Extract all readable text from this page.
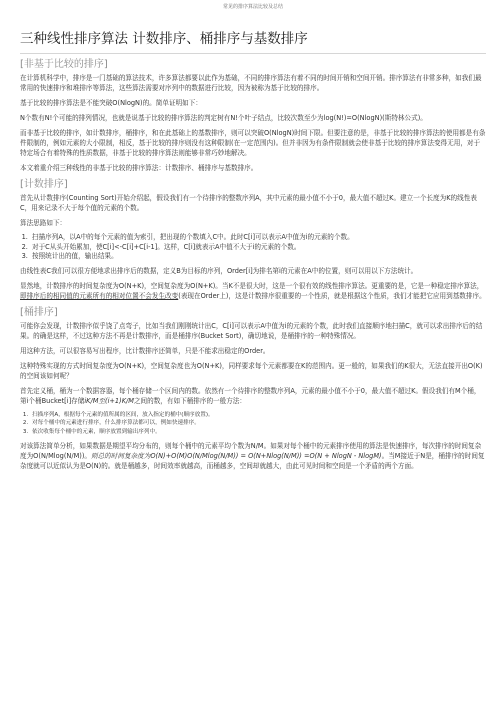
常见的排序算法比较及总结
三种线性排序算法 计数排序、桶排序与基数排序
[非基于比较的排序]

在计算机科学中，排序是一门基础的算法技术，许多算法都要以此作为基础，不同的排序算法有着不同的时间开销和空间开销。排序算法有非常多种，如我们最常用的快速排序和堆排序等算法，这些算法需要对序列中的数据进行比较，因为被称为基于比较的排序。

基于比较的排序算法是不能突破O(NlogN)的。简单证明如下：

N个数有N!个可能的排列情况，也就是说基于比较的排序算法的判定树有N!个叶子结点，比较次数至少为log(N!)=O(NlogN)(斯特林公式)。

而非基于比较的排序，如计数排序，桶排序，和在此基础上的基数排序，则可以突破O(NlogN)时间下限。但要注意的是，非基于比较的排序算法的使用都是有条件限制的，例如元素的大小限制，相反，基于比较的排序则没有这种限制(在一定范围内)。但并非因为有条件限制就会使非基于比较的排序算法变得无用，对于特定场合有着特殊的性质数据，非基于比较的排序算法则能够非常巧妙地解决。

本文着重介绍三种线性的非基于比较的排序算法：计数排序、桶排序与基数排序。

[计数排序]

首先从计数排序(Counting Sort)开始介绍起，假设我们有一个待排序的整数序列A，其中元素的最小值不小于0，最大值不超过K。建立一个长度为K的线性表C，用来记录不大于每个值的元素的个数。

算法思路如下：

1. 扫描序列A，以A中的每个元素的值为索引，把出现的个数填入C中。此时C[i]可以表示A中值为i的元素的个数。
2. 对于C从头开始累加，使C[i]<-C[i]+C[i-1]。这样，C[i]就表示A中值不大于i的元素的个数。
3. 按照统计出的值，输出结果。

由线性表C我们可以很方便地求出排序后的数据，定义B为目标的序列，Order[i]为排名第i的元素在A中的位置，则可以用以下方法统计。

显然地，计数排序的时间复杂度为O(N+K)，空间复杂度为O(N+K)。当K不是很大时，这是一个很有效的线性排序算法。更重要的是，它是一种稳定排序算法，即排序后的相同值的元素所有的相对位置不会发生改变(表现在Order上)，这是计数排序很重要的一个性质，就是根据这个性质，我们才能把它应用到基数排序。

[桶排序]

可能你会发现，计数排序似乎饶了点弯子，比如当我们刚刚统计出C，C[i]可以表示A中值为i的元素的个数，此时我们直接顺序地扫描C，就可以求出排序后的结果。的确是这样，不过这种方法不再是计数排序，而是桶排序(Bucket Sort)，确切地说，是桶排序的一种特殊情况。

用这种方法，可以很容易写出程序，比计数排序还简单，只是不能求出稳定的Order。

这种特殊实现的方式时间复杂度为O(N+K)，空间复杂度也为O(N+K)，同样要求每个元素都要在K的范围内。更一般的，如果我们的K很大，无法直接开出O(K)的空间该如何呢？

首先定义桶，桶为一个数据容器，每个桶存储一个区间内的数。依然有一个待排序的整数序列A，元素的最小值不小于0，最大值不超过K。假设我们有M个桶，第i个桶Bucket[i]存储iK/M至(i+1)K/M之间的数，有如下桶排序的一般方法：

1. 扫描序列A，根据每个元素的值所属的区间，放入指定的桶中(顺序放置)。
2. 对每个桶中的元素进行排序，什么排序算法都可以，例如快速排序。
3. 依次收集每个桶中的元素，顺序放置到输出序列中。

对该算法简单分析，如果数据是期望平均分布的，则每个桶中的元素平均个数为N/M。如果对每个桶中的元素排序使用的算法是快速排序，每次排序的时间复杂度为O(N/Mlog(N/M))。则总的时间复杂度为O(N)+O(M)O(N/Mlog(N/M)) = O(N+Nlog(N/M)) =O(N + NlogN - NlogM)。当M接近于N是，桶排序的时间复杂度就可以近似认为是O(N)的。就是桶越多，时间效率就越高，而桶越多，空间却就越大，由此可见时间和空间是一个矛盾的两个方面。
